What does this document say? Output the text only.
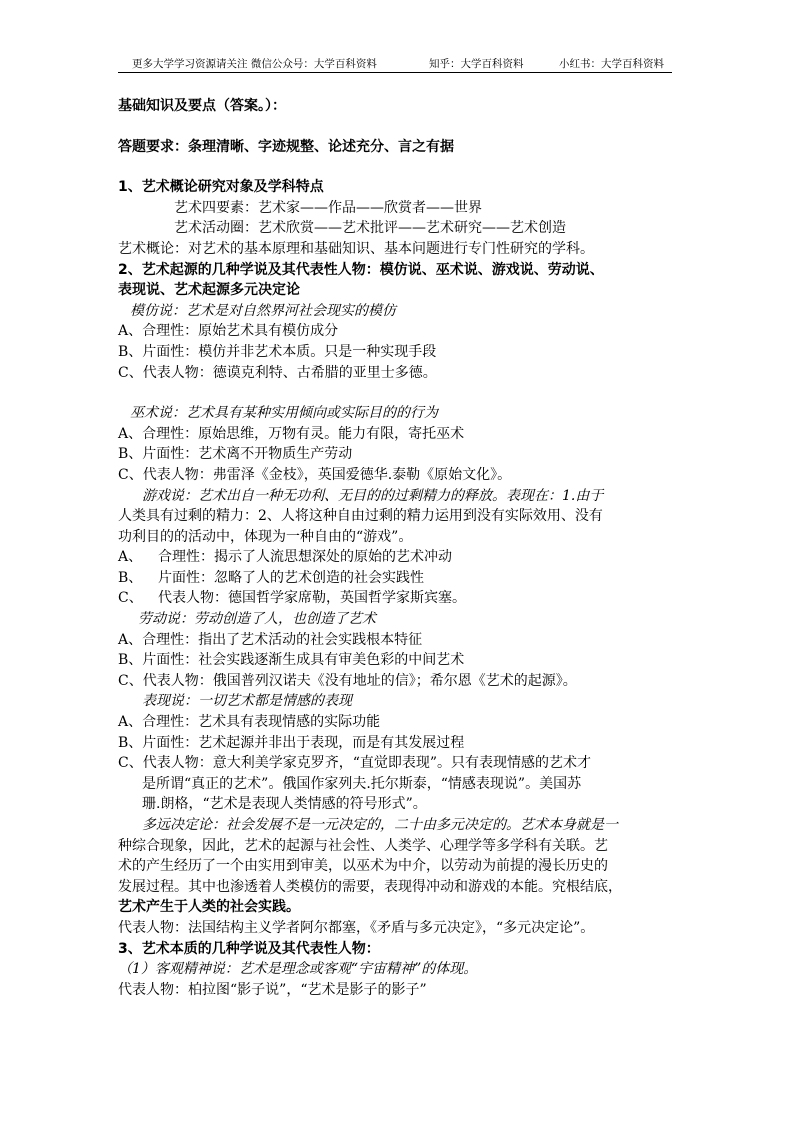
更多大学学习资源请关注 微信公众号：大学百科资料	知乎：大学百科资料	小红书：大学百科资料
基础知识及要点（答案。）：
答题要求：条理清晰、字迹规整、论述充分、言之有据
1、艺术概论研究对象及学科特点
艺术四要素：艺术家——作品——欣赏者——世界
艺术活动圈：艺术欣赏——艺术批评——艺术研究——艺术创造
艺术概论：对艺术的基本原理和基础知识、基本问题进行专门性研究的学科。
2、艺术起源的几种学说及其代表性人物：模仿说、巫术说、游戏说、劳动说、
表现说、艺术起源多元决定论
模仿说：艺术是对自然界河社会现实的模仿
A、合理性：原始艺术具有模仿成分
B、片面性：模仿并非艺术本质。只是一种实现手段
C、代表人物：德谟克利特、古希腊的亚里士多德。
巫术说：艺术具有某种实用倾向或实际目的的行为
A、合理性：原始思维，万物有灵。能力有限，寄托巫术
B、片面性：艺术离不开物质生产劳动
C、代表人物：弗雷泽《金枝》，英国爱德华.泰勒《原始文化》。
游戏说：艺术出自一种无功利、无目的的过剩精力的释放。表现在：1.由于
人类具有过剩的精力：2、人将这种自由过剩的精力运用到没有实际效用、没有
功利目的的活动中，体现为一种自由的“游戏”。
A、 合理性：揭示了人流思想深处的原始的艺术冲动
B、 片面性：忽略了人的艺术创造的社会实践性
C、 代表人物：德国哲学家席勒，英国哲学家斯宾塞。
劳动说：劳动创造了人，也创造了艺术
A、合理性：指出了艺术活动的社会实践根本特征
B、片面性：社会实践逐渐生成具有审美色彩的中间艺术
C、代表人物：俄国普列汉诺夫《没有地址的信》；希尔恩《艺术的起源》。
表现说：一切艺术都是情感的表现
A、合理性：艺术具有表现情感的实际功能
B、片面性：艺术起源并非出于表现，而是有其发展过程
C、代表人物：意大利美学家克罗齐，“直觉即表现”。只有表现情感的艺术才
是所谓“真正的艺术”。俄国作家列夫.托尔斯泰，“情感表现说”。美国苏
珊.朗格，“艺术是表现人类情感的符号形式”。
多远决定论：社会发展不是一元决定的，二十由多元决定的。艺术本身就是一
种综合现象，因此，艺术的起源与社会性、人类学、心理学等多学科有关联。艺
术的产生经历了一个由实用到审美，以巫术为中介，以劳动为前提的漫长历史的
发展过程。其中也渗透着人类模仿的需要，表现得冲动和游戏的本能。究根结底，
艺术产生于人类的社会实践。
代表人物：法国结构主义学者阿尔都塞，《矛盾与多元决定》，“多元决定论”。
3、艺术本质的几种学说及其代表性人物：
（1）客观精神说：艺术是理念或客观“宇宙精神”的体现。
代表人物：柏拉图“影子说”，“艺术是影子的影子”
